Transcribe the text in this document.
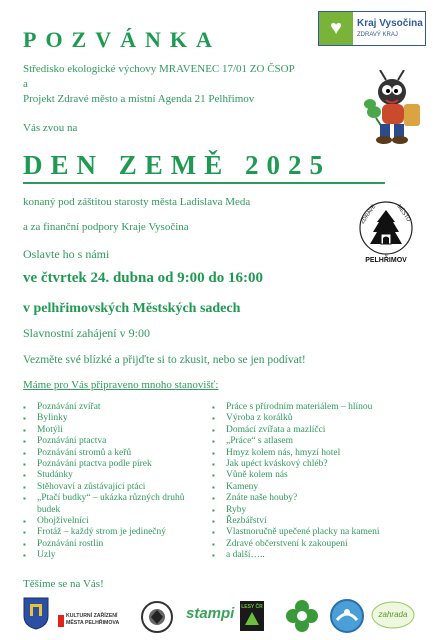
POZVÁNKA	♥	Kraj Vysočina
ZDRAVÝ KRAJ
Středisko ekologické výchovy MRAVENEC 17/01 ZO ČSOP
a
Projekt Zdravé město a místní Agenda 21 Pelhřimov
Vás zvou na
DEN ZEMĚ 2025
konaný pod záštitou starosty města Ladislava Meda
a za finanční podpory Kraje Vysočina
Oslavte ho s námi
ZDRAVÉ	MĚSTO
PELHŘIMOV
ve čtvrtek 24. dubna od 9:00 do 16:00
v pelhřimovských Městských sadech
Slavnostní zahájení v 9:00
Vezměte své blízké a přijďte si to zkusit, nebo se jen podívat!
Máme pro Vás připraveno mnoho stanovišť:
▪ Poznávání zvířat
▪ Bylinky
▪ Motýli
▪ Poznávání ptactva
▪ Poznávání stromů a keřů
▪ Poznávání ptactva podle pírek
▪ Studánky
▪ Stěhovaví a zůstávající ptáci
▪ „Ptačí budky“ – ukázka různých druhů budek
▪ Obojživelníci
▪ Frotáž – každý strom je jedinečný
▪ Poznávání rostlin
▪ Uzly
▪ Práce s přírodním materiálem – hlínou
▪ Výroba z korálků
▪ Domácí zvířata a mazlíčci
▪ „Práce“ s atlasem
▪ Hmyz kolem nás, hmyzí hotel
▪ Jak upéct kváskový chléb?
▪ Vůně kolem nás
▪ Kameny
▪ Znáte naše houby?
▪ Ryby
▪ Řezbářství
▪ Vlastnoručně upečené placky na kameni
▪ Zdravé občerstvení k zakoupení
▪ a další…..
Těšíme se na Vás!
KULTURNÍ ZAŘÍZENÍ MĚSTA PELHŘIMOVA
stampi LESY ČR
zahrada
